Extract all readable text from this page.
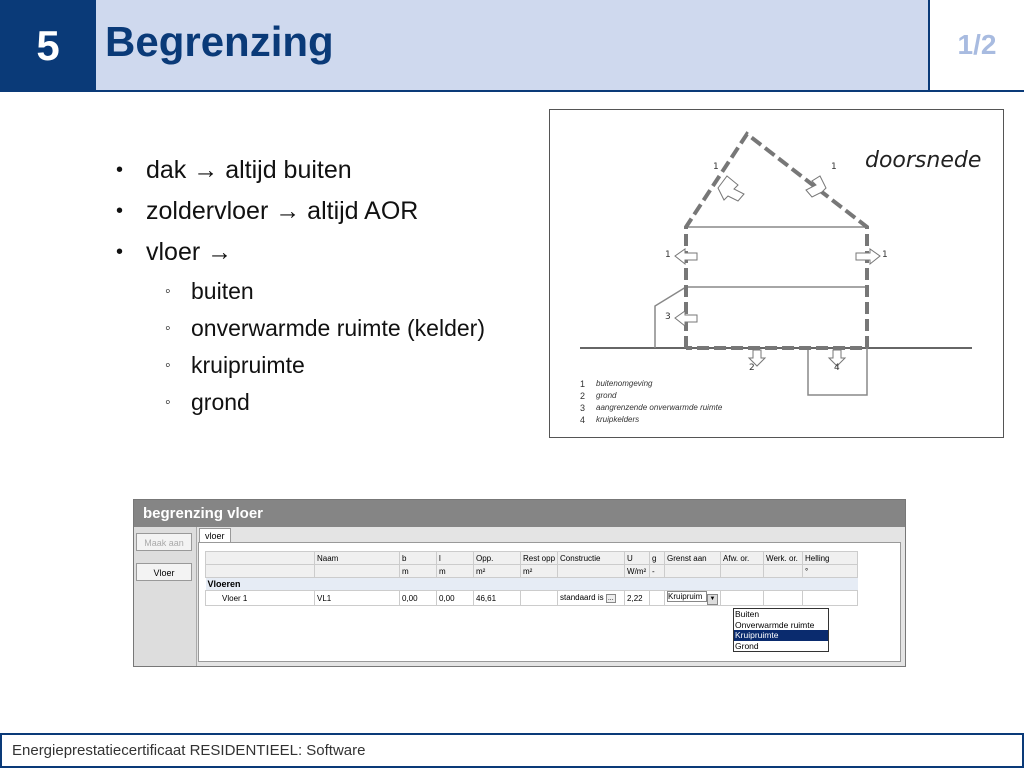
5	Begrenzing	1/2
• dak → altijd buiten
• zoldervloer → altijd AOR
• vloer →
◦ buiten
◦ onverwarmde ruimte (kelder)
◦ kruipruimte
◦ grond
doorsnede
1	1
1	1
3
2	4
1	buitenomgeving
2	grond
3	aangrenzende onverwarmde ruimte
4	kruipkelders
begrenzing vloer
Maak aan
Vloer
vloer
	Naam	b	l	Opp.	Rest opp	Constructie	U	g	Grenst aan	Afw. or.	Werk. or.	Helling
		m	m	m²	m²		W/m²	-				°
Vloeren												
Vloer 1	VL1	0,00	0,00	46,61		standaard is ...	2,22		Kruipruim ▼			
Buiten
Onverwarmde ruimte
Kruipruimte
Grond
Energieprestatiecertificaat RESIDENTIEEL: Software
